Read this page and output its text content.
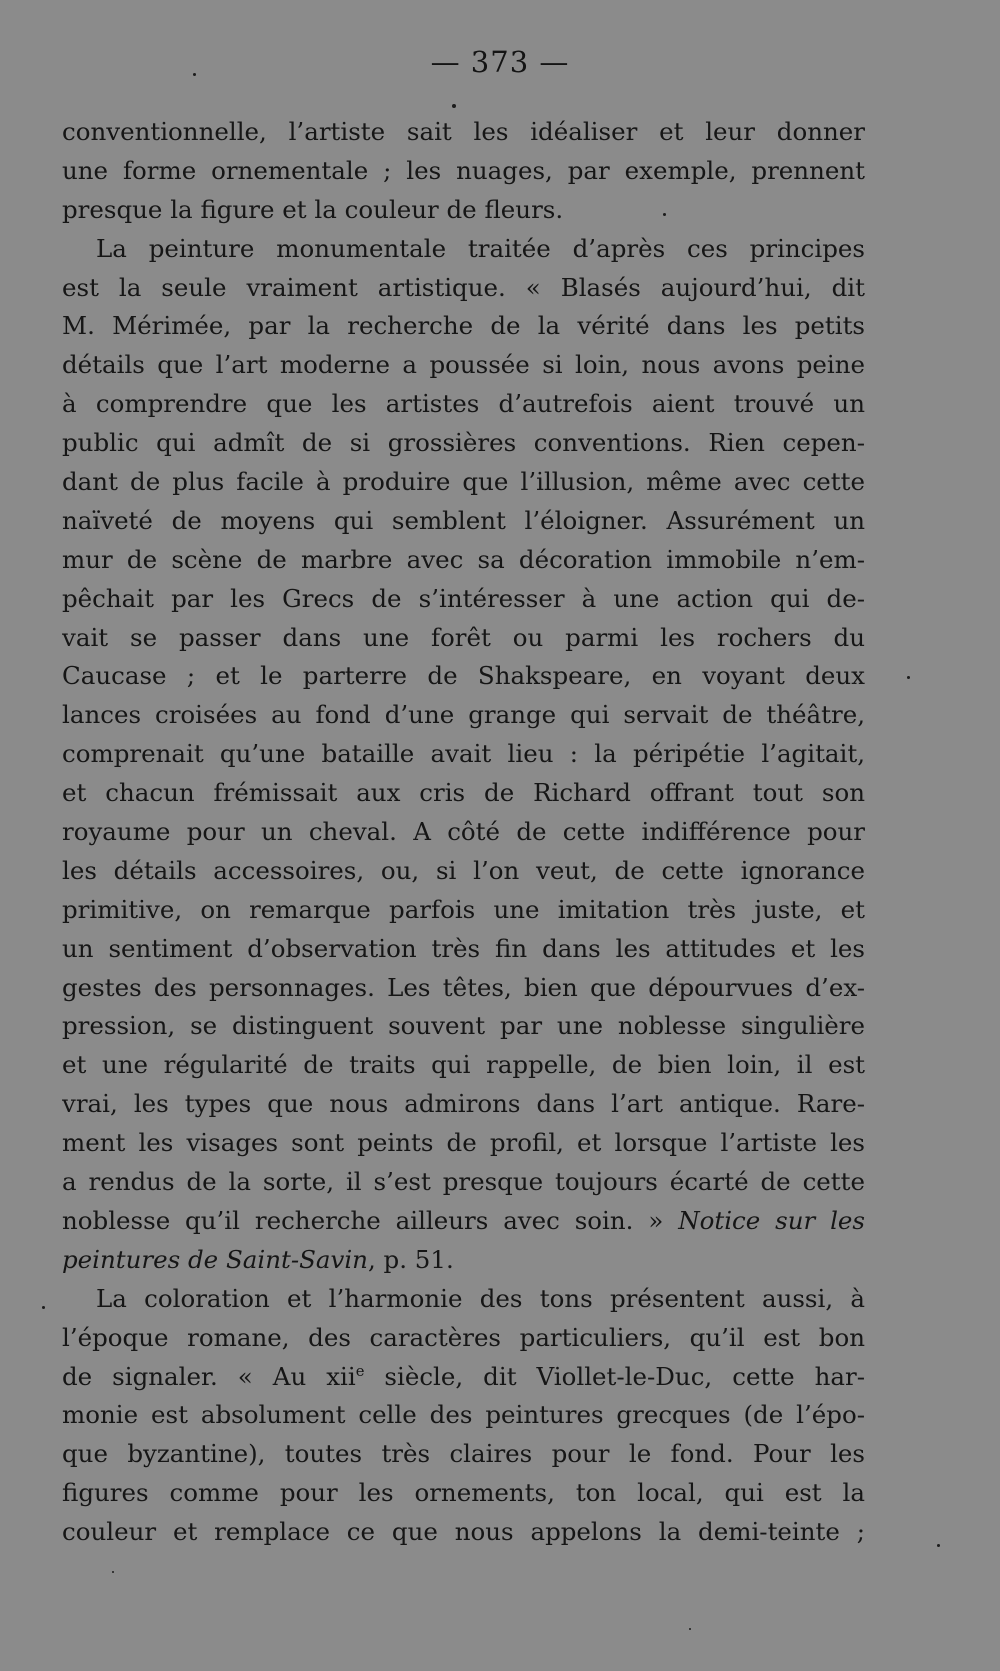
— 373 —
conventionnelle, l’artiste sait les idéaliser et leur donner
une forme ornementale ; les nuages, par exemple, prennent
presque la figure et la couleur de fleurs.
La peinture monumentale traitée d’après ces principes
est la seule vraiment artistique. « Blasés aujourd’hui, dit
M. Mérimée, par la recherche de la vérité dans les petits
détails que l’art moderne a poussée si loin, nous avons peine
à comprendre que les artistes d’autrefois aient trouvé un
public qui admît de si grossières conventions. Rien cepen-
dant de plus facile à produire que l’illusion, même avec cette
naïveté de moyens qui semblent l’éloigner. Assurément un
mur de scène de marbre avec sa décoration immobile n’em-
pêchait par les Grecs de s’intéresser à une action qui de-
vait se passer dans une forêt ou parmi les rochers du
Caucase ; et le parterre de Shakspeare, en voyant deux
lances croisées au fond d’une grange qui servait de théâtre,
comprenait qu’une bataille avait lieu : la péripétie l’agitait,
et chacun frémissait aux cris de Richard offrant tout son
royaume pour un cheval. A côté de cette indifférence pour
les détails accessoires, ou, si l’on veut, de cette ignorance
primitive, on remarque parfois une imitation très juste, et
un sentiment d’observation très fin dans les attitudes et les
gestes des personnages. Les têtes, bien que dépourvues d’ex-
pression, se distinguent souvent par une noblesse singulière
et une régularité de traits qui rappelle, de bien loin, il est
vrai, les types que nous admirons dans l’art antique. Rare-
ment les visages sont peints de profil, et lorsque l’artiste les
a rendus de la sorte, il s’est presque toujours écarté de cette
noblesse qu’il recherche ailleurs avec soin. » Notice sur les
peintures de Saint-Savin, p. 51.
La coloration et l’harmonie des tons présentent aussi, à
l’époque romane, des caractères particuliers, qu’il est bon
de signaler. « Au xii$^e$ siècle, dit Viollet-le-Duc, cette har-
monie est absolument celle des peintures grecques (de l’épo-
que byzantine), toutes très claires pour le fond. Pour les
figures comme pour les ornements, ton local, qui est la
couleur et remplace ce que nous appelons la demi-teinte ;
